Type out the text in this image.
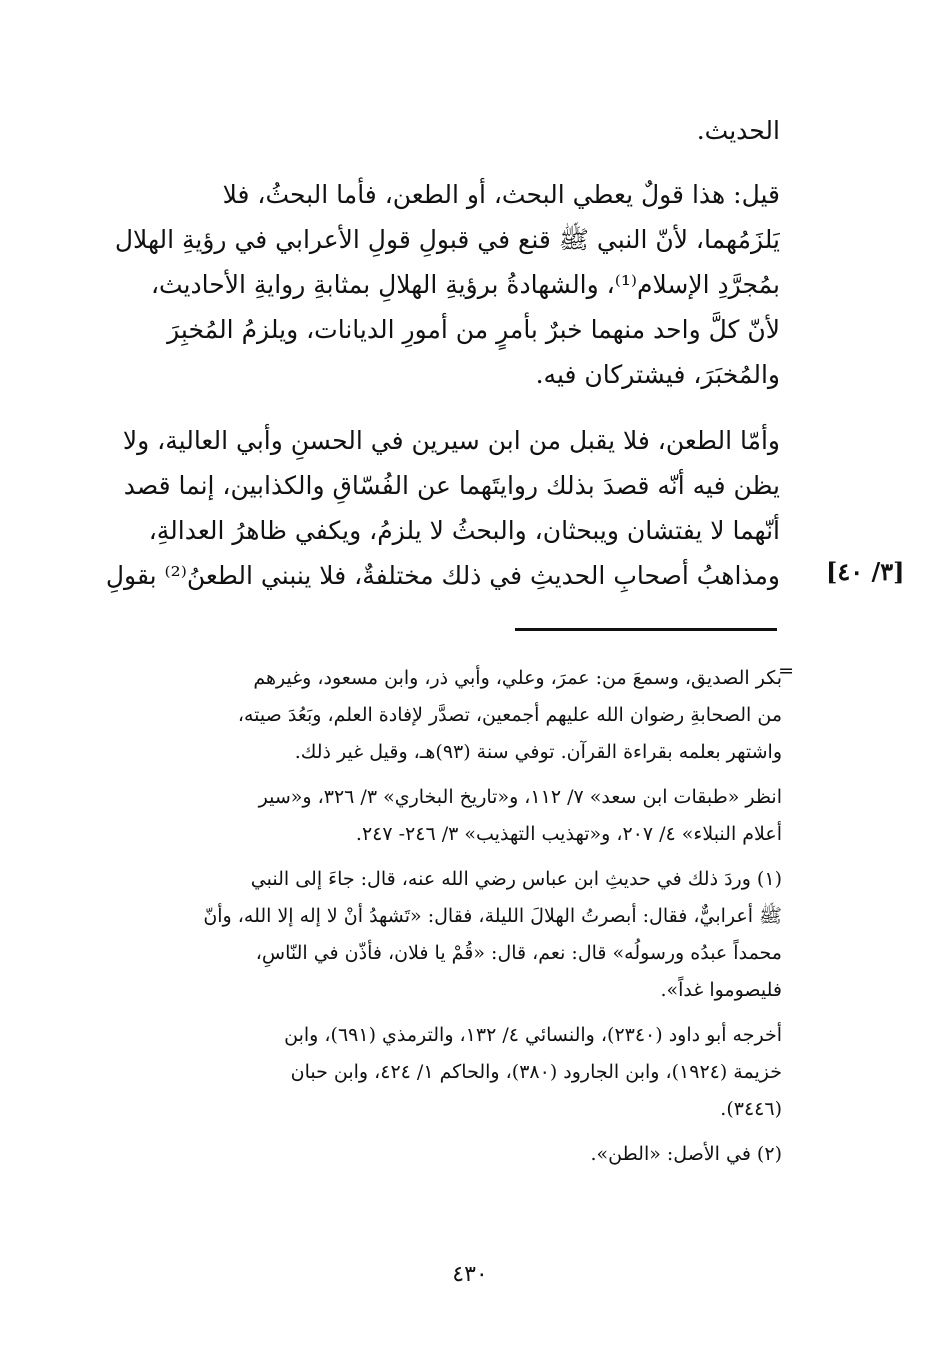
الحديث.
قيل: هذا قولٌ يعطي البحث، أو الطعن، فأما البحثُ، فلا
يَلزَمُهما، لأنّ النبي ﷺ قنع في قبولِ قولِ الأعرابي في رؤيةِ الهلال
بمُجرَّدِ الإسلام⁽¹⁾، والشهادةُ برؤيةِ الهلالِ بمثابةِ روايةِ الأحاديث،
لأنّ كلَّ واحد منهما خبرٌ بأمرٍ من أمورِ الديانات، ويلزمُ المُخبِرَ
والمُخبَرَ، فيشتركان فيه.
وأمّا الطعن، فلا يقبل من ابن سيرين في الحسنِ وأبي العالية، ولا
يظن فيه أنّه قصدَ بذلك روايتَهما عن الفُسّاقِ والكذابين، إنما قصد
أنّهما لا يفتشان ويبحثان، والبحثُ لا يلزمُ، ويكفي ظاهرُ العدالةِ،
ومذاهبُ أصحابِ الحديثِ في ذلك مختلفةٌ، فلا ينبني الطعنُ⁽²⁾ بقولِ [٣/ ٤٠]
=
بكر الصديق، وسمعَ من: عمرَ، وعلي، وأبي ذر، وابن مسعود، وغيرهم
من الصحابةِ رضوان الله عليهم أجمعين، تصدَّر لإفادة العلم، وبَعُدَ صيته،
واشتهر بعلمه بقراءة القرآن. توفي سنة (٩٣)هـ، وقيل غير ذلك.
انظر «طبقات ابن سعد» ٧/ ١١٢، و«تاريخ البخاري» ٣/ ٣٢٦، و«سير
أعلام النبلاء» ٤/ ٢٠٧، و«تهذيب التهذيب» ٣/ ٢٤٦- ٢٤٧.
(١) وردَ ذلك في حديثِ ابن عباس رضي الله عنه، قال: جاءَ إلى النبي
ﷺ أعرابيٌّ، فقال: أبصرتُ الهلالَ الليلة، فقال: «تَشهدُ أنْ لا إله إلا الله، وأنّ
محمداً عبدُه ورسولُه» قال: نعم، قال: «قُمْ يا فلان، فأذّن في النّاسِ،
فليصوموا غداً».
أخرجه أبو داود (٢٣٤٠)، والنسائي ٤/ ١٣٢، والترمذي (٦٩١)، وابن
خزيمة (١٩٢٤)، وابن الجارود (٣٨٠)، والحاكم ١/ ٤٢٤، وابن حبان
(٣٤٤٦).
(٢) في الأصل: «الطن».
٤٣٠
